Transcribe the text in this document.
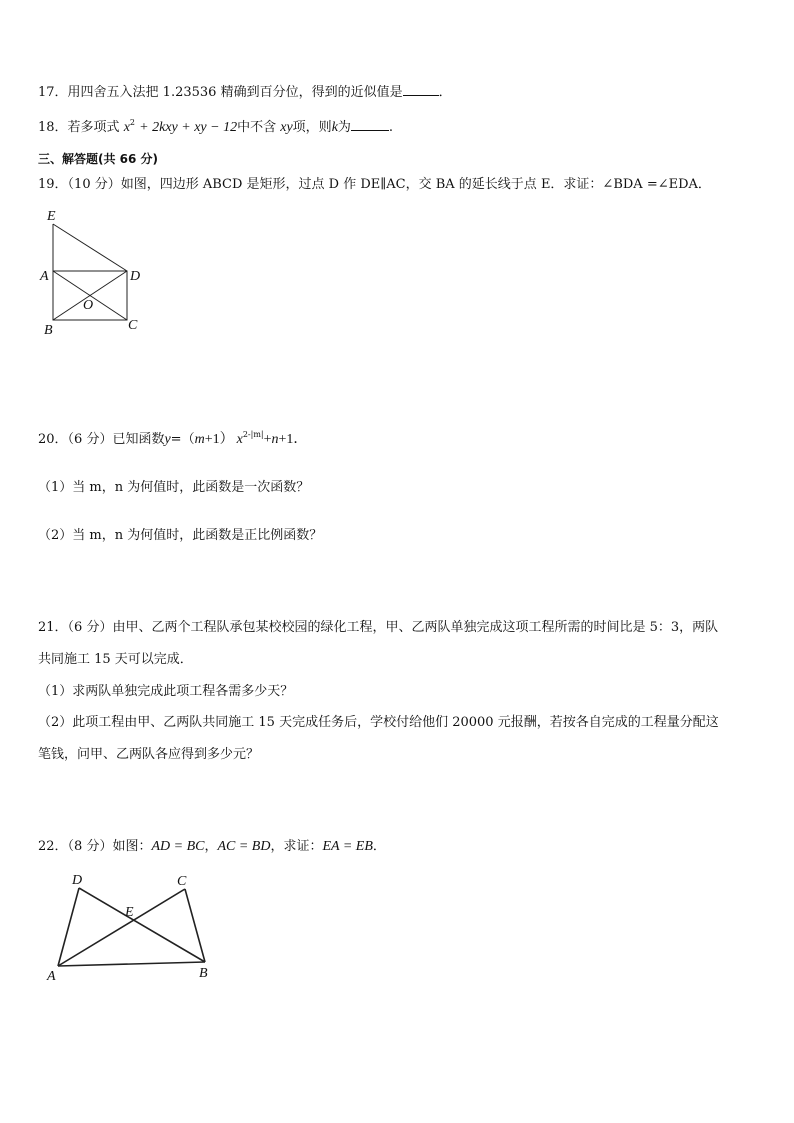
17．用四舍五入法把 1.23536 精确到百分位，得到的近似值是	．
18．若多项式 $x^2 + 2kxy$ + xy − 12中不含 xy项，则k为	.
三、解答题(共 66 分)
19．（10 分）如图，四边形 ABCD 是矩形，过点 D 作 DE∥AC，交 BA 的延长线于点 E．求证：∠BDA =∠EDA．
E
A	D
O
B	C
20．（6 分）已知函数y=（m+1） $x^{2-|m|}+n+1$．
（1）当 m，n 为何值时，此函数是一次函数？
（2）当 m，n 为何值时，此函数是正比例函数？
21．（6 分）由甲、乙两个工程队承包某校校园的绿化工程，甲、乙两队单独完成这项工程所需的时间比是 5：3，两队
共同施工 15 天可以完成．
（1）求两队单独完成此项工程各需多少天？
（2）此项工程由甲、乙两队共同施工 15 天完成任务后，学校付给他们 20000 元报酬，若按各自完成的工程量分配这
笔钱，问甲、乙两队各应得到多少元？
22．（8 分）如图：AD = BC，AC = BD，求证：EA = EB．
D	C
E
A	B
